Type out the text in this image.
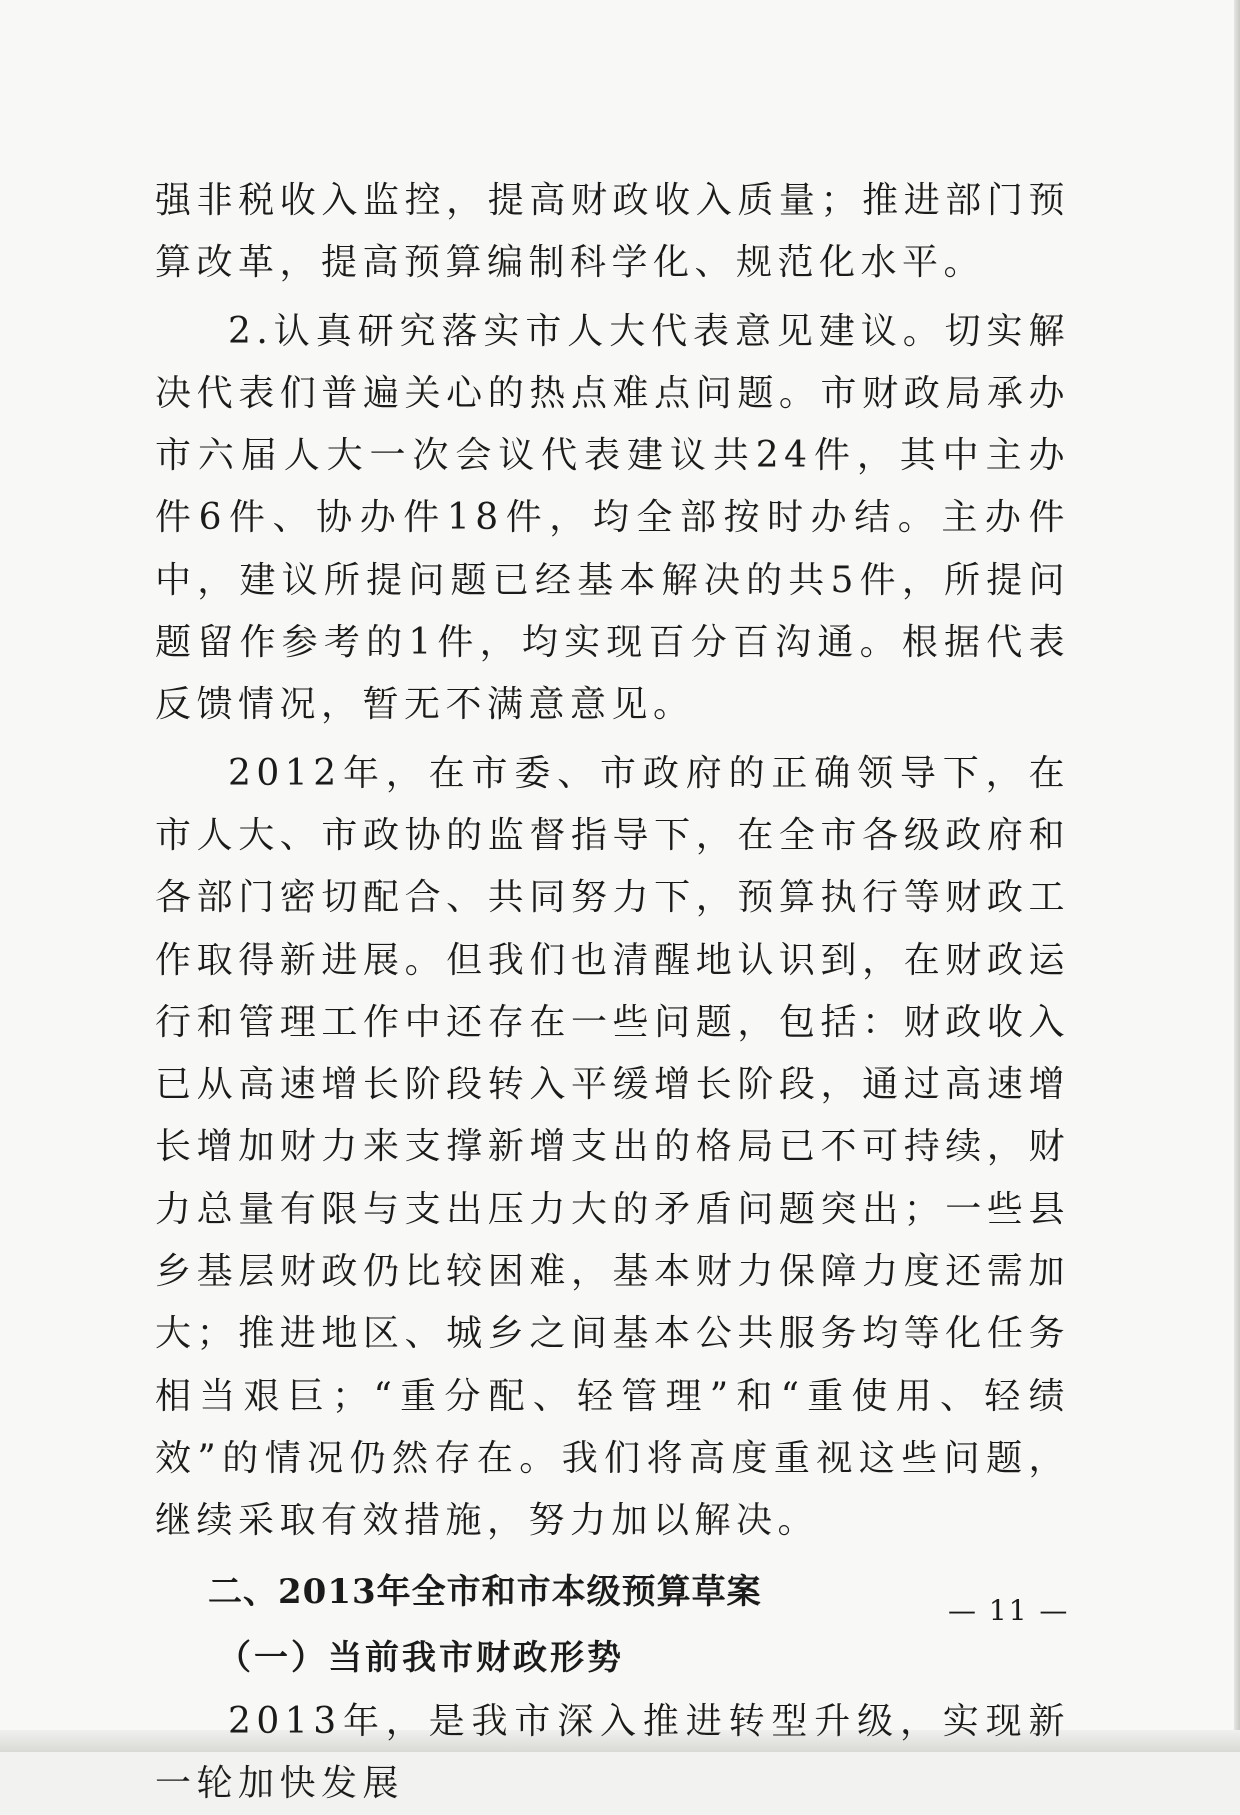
强非税收入监控，提高财政收入质量；推进部门预算改革，提高预算编制科学化、规范化水平。

2.认真研究落实市人大代表意见建议。切实解决代表们普遍关心的热点难点问题。市财政局承办市六届人大一次会议代表建议共24件，其中主办件6件、协办件18件，均全部按时办结。主办件中，建议所提问题已经基本解决的共5件，所提问题留作参考的1件，均实现百分百沟通。根据代表反馈情况，暂无不满意意见。

2012年，在市委、市政府的正确领导下，在市人大、市政协的监督指导下，在全市各级政府和各部门密切配合、共同努力下，预算执行等财政工作取得新进展。但我们也清醒地认识到，在财政运行和管理工作中还存在一些问题，包括：财政收入已从高速增长阶段转入平缓增长阶段，通过高速增长增加财力来支撑新增支出的格局已不可持续，财力总量有限与支出压力大的矛盾问题突出；一些县乡基层财政仍比较困难，基本财力保障力度还需加大；推进地区、城乡之间基本公共服务均等化任务相当艰巨；“重分配、轻管理”和“重使用、轻绩效”的情况仍然存在。我们将高度重视这些问题，继续采取有效措施，努力加以解决。

二、2013年全市和市本级预算草案

（一）当前我市财政形势

2013年，是我市深入推进转型升级，实现新一轮加快发展

— 11 —
